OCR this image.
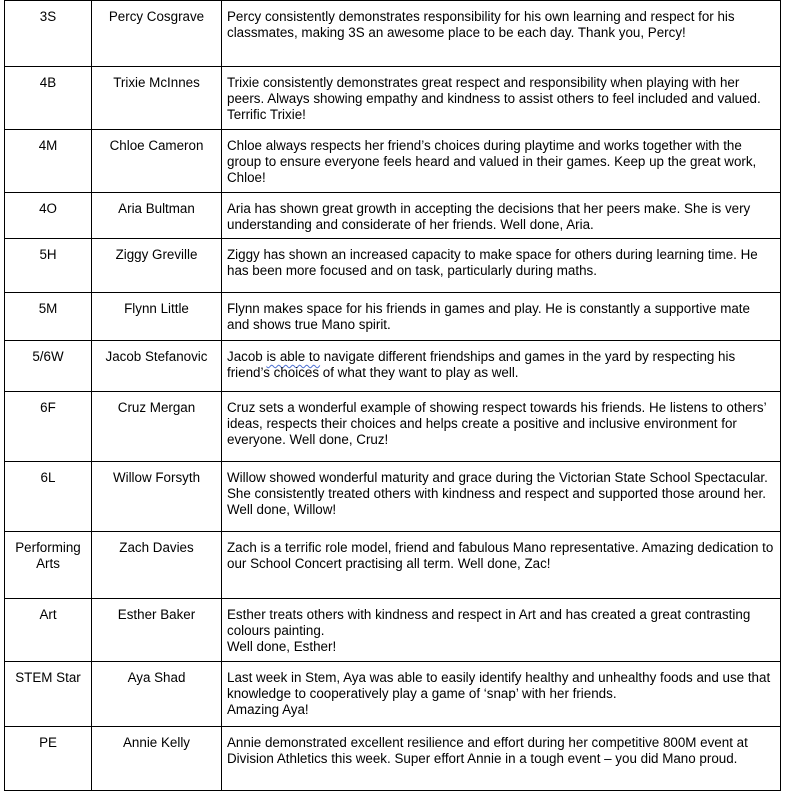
3S	Percy Cosgrave	Percy consistently demonstrates responsibility for his own learning and respect for his classmates, making 3S an awesome place to be each day. Thank you, Percy!
4B	Trixie McInnes	Trixie consistently demonstrates great respect and responsibility when playing with her peers. Always showing empathy and kindness to assist others to feel included and valued. Terrific Trixie!
4M	Chloe Cameron	Chloe always respects her friend’s choices during playtime and works together with the group to ensure everyone feels heard and valued in their games. Keep up the great work, Chloe!
4O	Aria Bultman	Aria has shown great growth in accepting the decisions that her peers make. She is very understanding and considerate of her friends. Well done, Aria.
5H	Ziggy Greville	Ziggy has shown an increased capacity to make space for others during learning time. He has been more focused and on task, particularly during maths.
5M	Flynn Little	Flynn makes space for his friends in games and play. He is constantly a supportive mate and shows true Mano spirit.
5/6W	Jacob Stefanovic	Jacob is able to navigate different friendships and games in the yard by respecting his friend’s choices of what they want to play as well.
6F	Cruz Mergan	Cruz sets a wonderful example of showing respect towards his friends. He listens to others’ ideas, respects their choices and helps create a positive and inclusive environment for everyone. Well done, Cruz!
6L	Willow Forsyth	Willow showed wonderful maturity and grace during the Victorian State School Spectacular. She consistently treated others with kindness and respect and supported those around her. Well done, Willow!
Performing Arts	Zach Davies	Zach is a terrific role model, friend and fabulous Mano representative. Amazing dedication to our School Concert practising all term. Well done, Zac!
Art	Esther Baker	Esther treats others with kindness and respect in Art and has created a great contrasting colours painting.
Well done, Esther!
STEM Star	Aya Shad	Last week in Stem, Aya was able to easily identify healthy and unhealthy foods and use that knowledge to cooperatively play a game of ‘snap’ with her friends.
Amazing Aya!
PE	Annie Kelly	Annie demonstrated excellent resilience and effort during her competitive 800M event at Division Athletics this week. Super effort Annie in a tough event – you did Mano proud.
